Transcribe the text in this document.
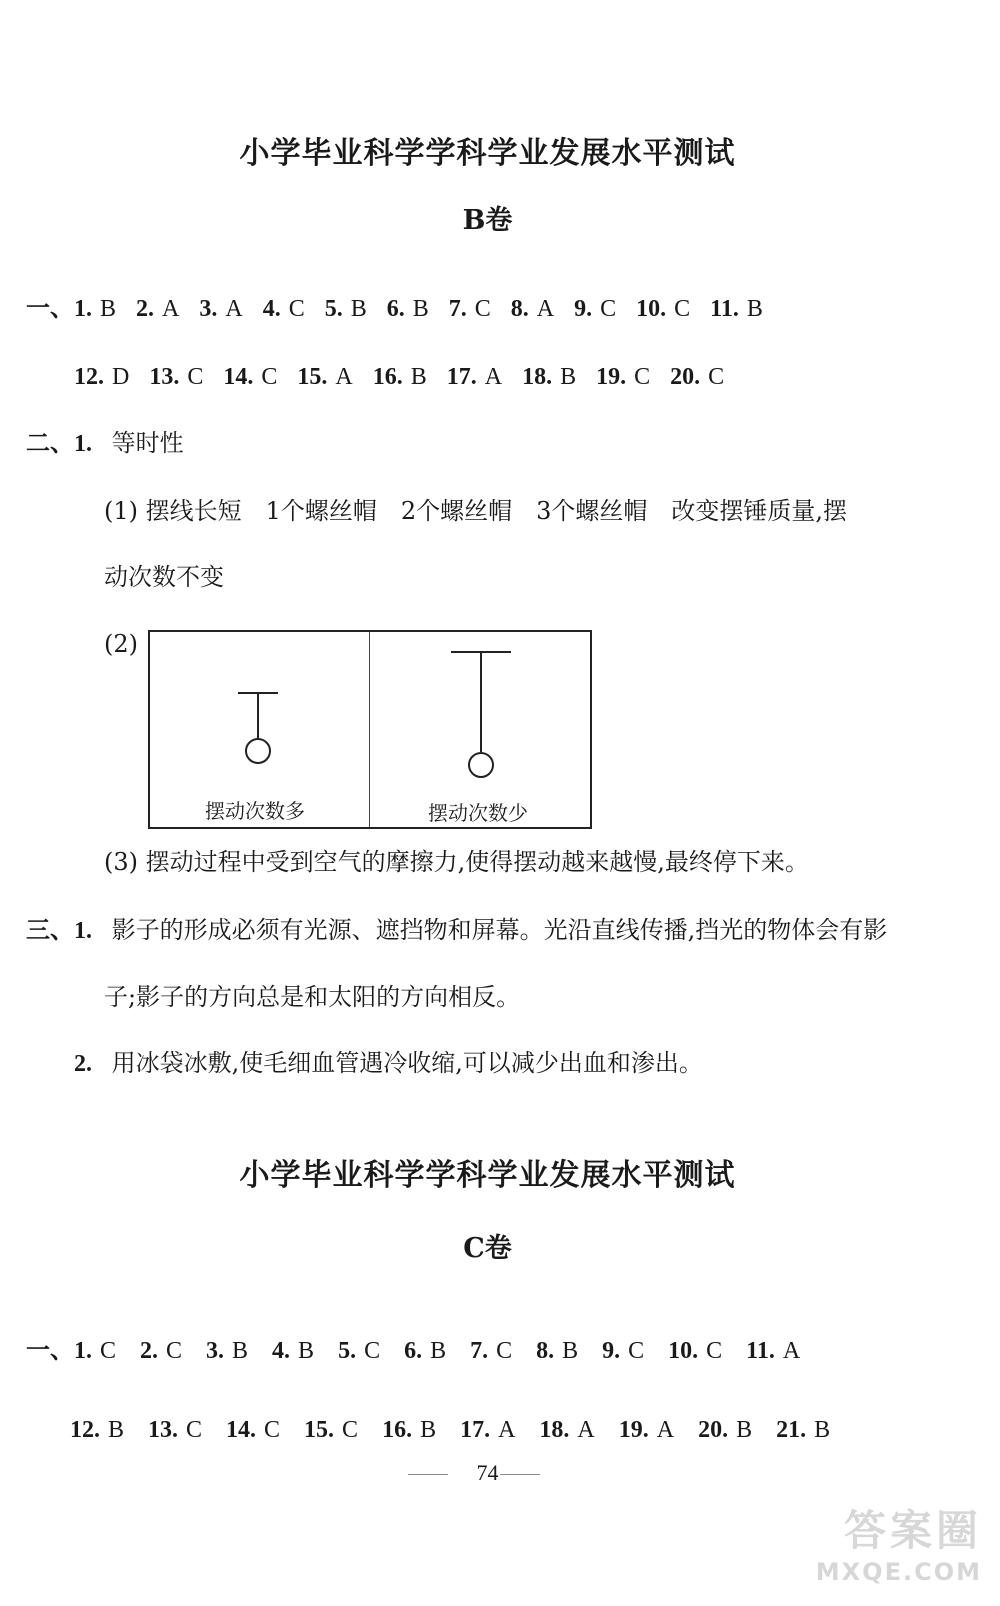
小学毕业科学学科学业发展水平测试
B卷
一、1. B 2. A 3. A 4. C 5. B 6. B 7. C 8. A 9. C 10. C 11. B
12. D 13. C 14. C 15. A 16. B 17. A 18. B 19. C 20. C
二、1. 等时性
(1) 摆线长短　1个螺丝帽　2个螺丝帽　3个螺丝帽　改变摆锤质量,摆
动次数不变
(2)
摆动次数多	摆动次数少
(3) 摆动过程中受到空气的摩擦力,使得摆动越来越慢,最终停下来。
三、1. 影子的形成必须有光源、遮挡物和屏幕。光沿直线传播,挡光的物体会有影
子;影子的方向总是和太阳的方向相反。
2. 用冰袋冰敷,使毛细血管遇冷收缩,可以减少出血和渗出。
小学毕业科学学科学业发展水平测试
C卷
一、1. C 2. C 3. B 4. B 5. C 6. B 7. C 8. B 9. C 10. C 11. A
12. B 13. C 14. C 15. C 16. B 17. A 18. A 19. A 20. B 21. B
74
答案圈
MXQE.COM
